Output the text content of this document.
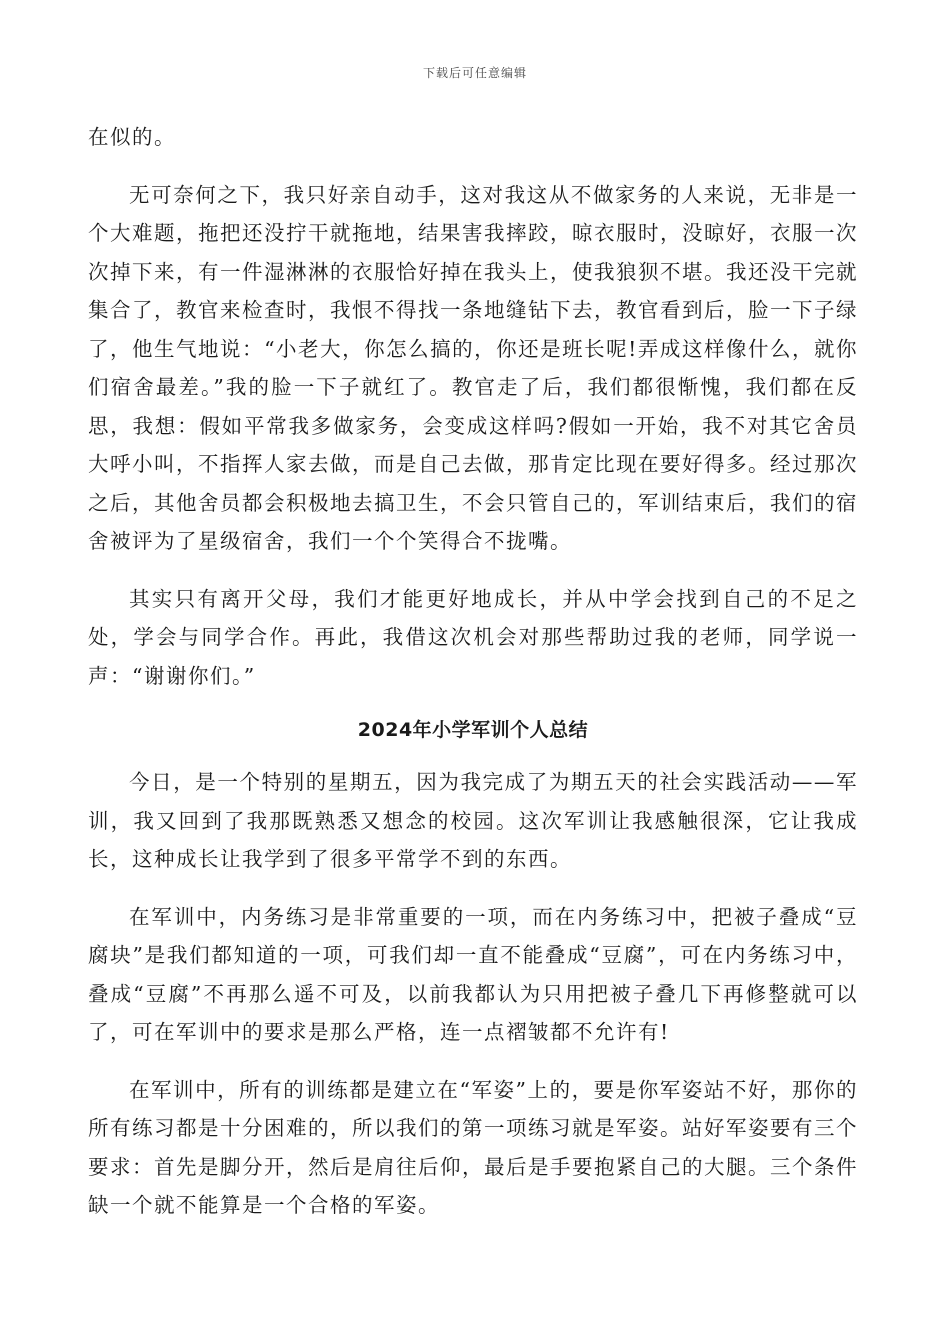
下载后可任意编辑

在似的。

无可奈何之下，我只好亲自动手，这对我这从不做家务的人来说，无非是一个大难题，拖把还没拧干就拖地，结果害我摔跤，晾衣服时，没晾好，衣服一次次掉下来，有一件湿淋淋的衣服恰好掉在我头上，使我狼狈不堪。我还没干完就集合了，教官来检查时，我恨不得找一条地缝钻下去，教官看到后，脸一下子绿了，他生气地说：“小老大，你怎么搞的，你还是班长呢!弄成这样像什么，就你们宿舍最差。”我的脸一下子就红了。教官走了后，我们都很惭愧，我们都在反思，我想：假如平常我多做家务，会变成这样吗?假如一开始，我不对其它舍员大呼小叫，不指挥人家去做，而是自己去做，那肯定比现在要好得多。经过那次之后，其他舍员都会积极地去搞卫生，不会只管自己的，军训结束后，我们的宿舍被评为了星级宿舍，我们一个个笑得合不拢嘴。

其实只有离开父母，我们才能更好地成长，并从中学会找到自己的不足之处，学会与同学合作。再此，我借这次机会对那些帮助过我的老师，同学说一声：“谢谢你们。”

2024年小学军训个人总结

今日，是一个特别的星期五，因为我完成了为期五天的社会实践活动——军训，我又回到了我那既熟悉又想念的校园。这次军训让我感触很深，它让我成长，这种成长让我学到了很多平常学不到的东西。

在军训中，内务练习是非常重要的一项，而在内务练习中，把被子叠成“豆腐块”是我们都知道的一项，可我们却一直不能叠成“豆腐”，可在内务练习中，叠成“豆腐”不再那么遥不可及，以前我都认为只用把被子叠几下再修整就可以了，可在军训中的要求是那么严格，连一点褶皱都不允许有!

在军训中，所有的训练都是建立在“军姿”上的，要是你军姿站不好，那你的所有练习都是十分困难的，所以我们的第一项练习就是军姿。站好军姿要有三个要求：首先是脚分开，然后是肩往后仰，最后是手要抱紧自己的大腿。三个条件缺一个就不能算是一个合格的军姿。
